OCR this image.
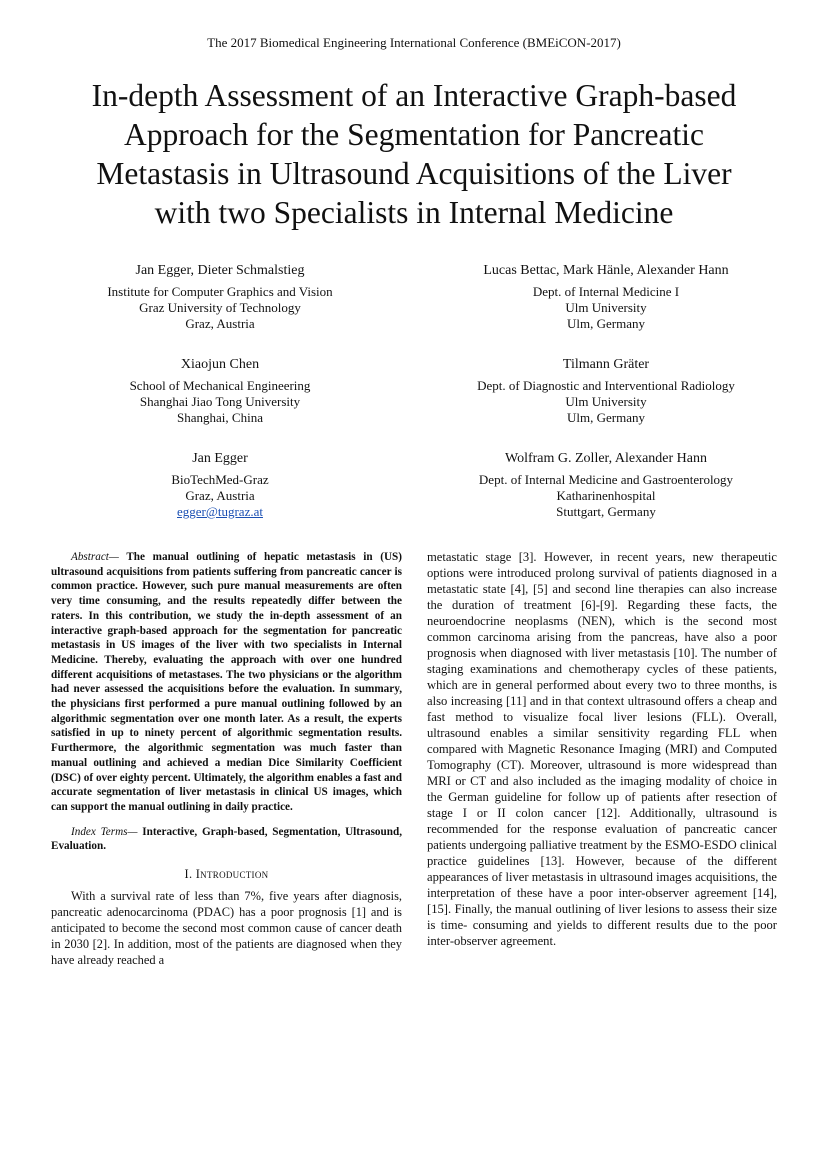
The 2017 Biomedical Engineering International Conference (BMEiCON-2017)
In-depth Assessment of an Interactive Graph-based
Approach for the Segmentation for Pancreatic
Metastasis in Ultrasound Acquisitions of the Liver
with two Specialists in Internal Medicine
Jan Egger, Dieter Schmalstieg
Institute for Computer Graphics and Vision
Graz University of Technology
Graz, Austria
Lucas Bettac, Mark Hänle, Alexander Hann
Dept. of Internal Medicine I
Ulm University
Ulm, Germany
Xiaojun Chen
School of Mechanical Engineering
Shanghai Jiao Tong University
Shanghai, China
Tilmann Gräter
Dept. of Diagnostic and Interventional Radiology
Ulm University
Ulm, Germany
Jan Egger
BioTechMed-Graz
Graz, Austria
egger@tugraz.at
Wolfram G. Zoller, Alexander Hann
Dept. of Internal Medicine and Gastroenterology
Katharinenhospital
Stuttgart, Germany

Abstract— The manual outlining of hepatic metastasis in (US) ultrasound acquisitions from patients suffering from pancreatic cancer is common practice. However, such pure manual measurements are often very time consuming, and the results repeatedly differ between the raters. In this contribution, we study the in-depth assessment of an interactive graph-based approach for the segmentation for pancreatic metastasis in US images of the liver with two specialists in Internal Medicine. Thereby, evaluating the approach with over one hundred different acquisitions of metastases. The two physicians or the algorithm had never assessed the acquisitions before the evaluation. In summary, the physicians first performed a pure manual outlining followed by an algorithmic segmentation over one month later. As a result, the experts satisfied in up to ninety percent of algorithmic segmentation results. Furthermore, the algorithmic segmentation was much faster than manual outlining and achieved a median Dice Similarity Coefficient (DSC) of over eighty percent. Ultimately, the algorithm enables a fast and accurate segmentation of liver metastasis in clinical US images, which can support the manual outlining in daily practice.

Index Terms— Interactive, Graph-based, Segmentation, Ultrasound, Evaluation.

I. Introduction

With a survival rate of less than 7%, five years after diagnosis, pancreatic adenocarcinoma (PDAC) has a poor prognosis [1] and is anticipated to become the second most common cause of cancer death in 2030 [2]. In addition, most of the patients are diagnosed when they have already reached a

metastatic stage [3]. However, in recent years, new therapeutic options were introduced prolong survival of patients diagnosed in a metastatic state [4], [5] and second line therapies can also increase the duration of treatment [6]-[9]. Regarding these facts, the neuroendocrine neoplasms (NEN), which is the second most common carcinoma arising from the pancreas, have also a poor prognosis when diagnosed with liver metastasis [10]. The number of staging examinations and chemotherapy cycles of these patients, which are in general performed about every two to three months, is also increasing [11] and in that context ultrasound offers a cheap and fast method to visualize focal liver lesions (FLL). Overall, ultrasound enables a similar sensitivity regarding FLL when compared with Magnetic Resonance Imaging (MRI) and Computed Tomography (CT). Moreover, ultrasound is more widespread than MRI or CT and also included as the imaging modality of choice in the German guideline for follow up of patients after resection of stage I or II colon cancer [12]. Additionally, ultrasound is recommended for the response evaluation of pancreatic cancer patients undergoing palliative treatment by the ESMO-ESDO clinical practice guidelines [13]. However, because of the different appearances of liver metastasis in ultrasound images acquisitions, the interpretation of these have a poor inter-observer agreement [14], [15]. Finally, the manual outlining of liver lesions to assess their size is time- consuming and yields to different results due to the poor inter-observer agreement.
